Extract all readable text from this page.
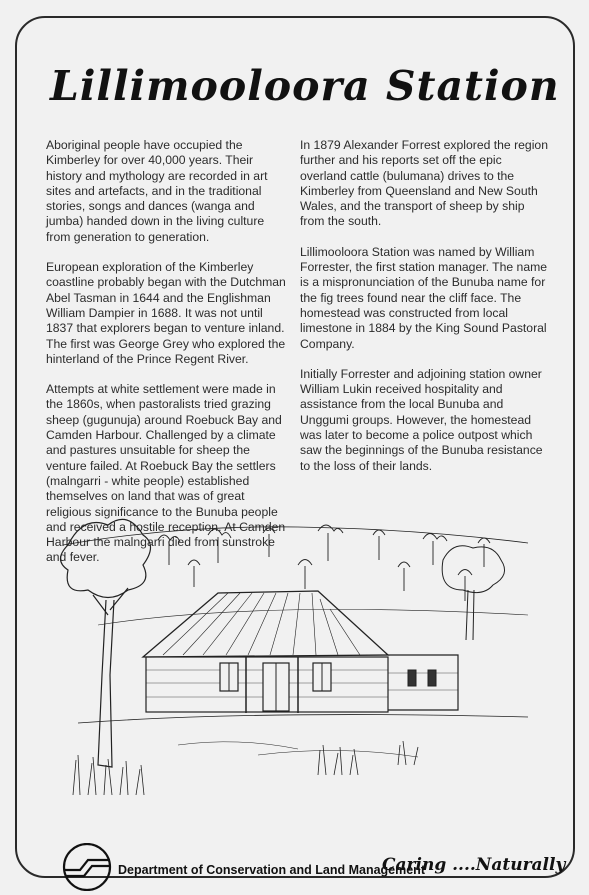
Lillimooloora Station

Aboriginal people have occupied the Kimberley for over 40,000 years. Their history and mythology are recorded in art sites and artefacts, and in the traditional stories, songs and dances (wanga and jumba) handed down in the living culture from generation to generation.

European exploration of the Kimberley coastline probably began with the Dutchman Abel Tasman in 1644 and the Englishman William Dampier in 1688. It was not until 1837 that explorers began to venture inland. The first was George Grey who explored the hinterland of the Prince Regent River.

Attempts at white settlement were made in the 1860s, when pastoralists tried grazing sheep (gugunuja) around Roebuck Bay and Camden Harbour. Challenged by a climate and pastures unsuitable for sheep the venture failed. At Roebuck Bay the settlers (malngarri - white people) established themselves on land that was of great religious significance to the Bunuba people and received a hostile reception. At Camden Harbour the malngarri died from sunstroke and fever.

In 1879 Alexander Forrest explored the region further and his reports set off the epic overland cattle (bulumana) drives to the Kimberley from Queensland and New South Wales, and the transport of sheep by ship from the south.

Lillimooloora Station was named by William Forrester, the first station manager. The name is a mispronunciation of the Bunuba name for the fig trees found near the cliff face. The homestead was constructed from local limestone in 1884 by the King Sound Pastoral Company.

Initially Forrester and adjoining station owner William Lukin received hospitality and assistance from the local Bunuba and Unggumi groups. However, the homestead was later to become a police outpost which saw the beginnings of the Bunuba resistance to the loss of their lands.

Department of Conservation and Land Management
Caring ....Naturally
